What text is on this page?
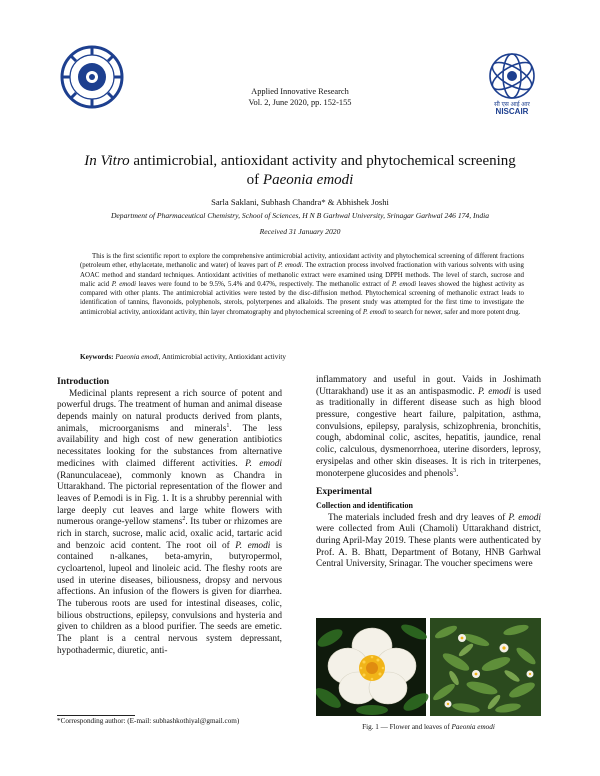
सी एस आई आर
NISCAIR
Applied Innovative Research
Vol. 2, June 2020, pp. 152-155
In Vitro antimicrobial, antioxidant activity and phytochemical screening
of Paeonia emodi
Sarla Saklani, Subhash Chandra* & Abhishek Joshi
Department of Pharmaceutical Chemistry, School of Sciences, H N B Garhwal University, Srinagar Garhwal 246 174, India
Received 31 January 2020
This is the first scientific report to explore the comprehensive antimicrobial activity, antioxidant activity and phytochemical screening of different fractions (petroleum ether, ethylacetate, methanolic and water) of leaves part of P. emodi. The extraction process involved fractionation with various solvents with using AOAC method and standard techniques. Antioxidant activities of methanolic extract were examined using DPPH methods. The level of starch, sucrose and malic acid P. emodi leaves were found to be 9.5%, 5.4% and 0.47%, respectively. The methanolic extract of P. emodi leaves showed the highest activity as compared with other plants. The antimicrobial activities were tested by the disc-diffusion method. Phytochemical screening of methanolic extract leads to identification of tannins, flavonoids, polyphenols, sterols, polyterpenes and alkaloids. The present study was attempted for the first time to investigate the antimicrobial activity, antioxidant activity, thin layer chromatography and phytochemical screening of P. emodi to search for newer, safer and more potent drug.
Keywords: Paeonia emodi, Antimicrobial activity, Antioxidant activity
Introduction

Medicinal plants represent a rich source of potent and powerful drugs. The treatment of human and animal disease depends mainly on natural products derived from plants, animals, microorganisms and minerals$^1$. The less availability and high cost of new generation antibiotics necessitates looking for the substances from alternative medicines with claimed different activities. P. emodi (Ranunculaceae), commonly known as Chandra in Uttarakhand. The pictorial representation of the flower and leaves of P.emodi is in Fig. 1. It is a shrubby perennial with large deeply cut leaves and large white flowers with numerous orange-yellow stamens$^2$. Its tuber or rhizomes are rich in starch, sucrose, malic acid, oxalic acid, tartaric acid and benzoic acid content. The root oil of P. emodi is contained n-alkanes, beta-amyrin, butyropermol, cycloartenol, lupeol and linoleic acid. The fleshy roots are used in uterine diseases, biliousness, dropsy and nervous affections. An infusion of the flowers is given for diarrhea. The tuberous roots are used for intestinal diseases, colic, bilious obstructions, epilepsy, convulsions and hysteria and given to children as a blood purifier. The seeds are emetic. The plant is a central nervous system depressant, hypothadermic, diuretic, anti-

inflammatory and useful in gout. Vaids in Joshimath (Uttarakhand) use it as an antispasmodic. P. emodi is used as traditionally in different disease such as high blood pressure, congestive heart failure, palpitation, asthma, convulsions, epilepsy, paralysis, schizophrenia, bronchitis, cough, abdominal colic, ascites, hepatitis, jaundice, renal colic, calculous, dysmenorrhoea, uterine disorders, leprosy, erysipelas and other skin diseases. It is rich in triterpenes, monoterpene glucosides and phenols$^3$.

Experimental
Collection and identification

The materials included fresh and dry leaves of P. emodi were collected from Auli (Chamoli) Uttarakhand district, during April-May 2019. These plants were authenticated by Prof. A. B. Bhatt, Department of Botany, HNB Garhwal Central University, Srinagar. The voucher specimens were

Fig. 1 — Flower and leaves of Paeonia emodi
*Corresponding author: (E-mail: subhashkothiyal@gmail.com)
